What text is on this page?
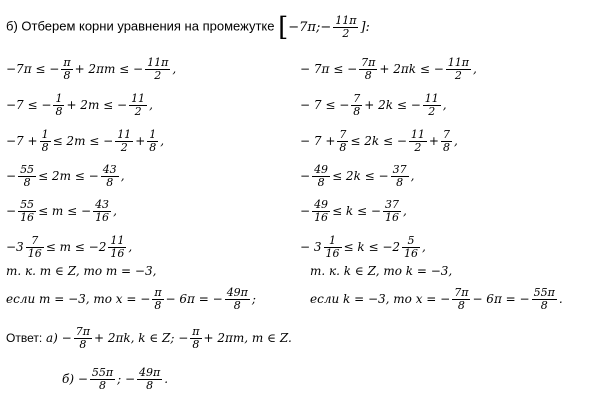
б) Отберем корни уравнения на промежутке [−7π;− $\frac{11\pi}{2}$ ]:
−7π ≤ − $\frac{\pi}{8} + 2\pi m$ ≤ − $\frac{11\pi}{2}$ ,
−7 ≤ − $\frac{1}{8} + 2m$ ≤ − $\frac{11}{2}$ ,
$-7 + \frac{1}{8} \le 2m$ ≤ − $\frac{11}{2} + \frac{1}{8}$ ,
− $\frac{55}{8} \le 2m$ ≤ − $\frac{43}{8}$ ,
− $\frac{55}{16} \le m$ ≤ − $\frac{43}{16}$ ,
$-3 \frac{7}{16} \le m \le -2 \frac{11}{16}$ ,
т. к. m ∈ Z, то m = −3,
если m = −3, то x = − $\frac{\pi}{8} - 6\pi$ = − $\frac{49\pi}{8}$ ;
− 7π ≤ − $\frac{7\pi}{8} + 2\pi k$ ≤ − $\frac{11\pi}{2}$ ,
− 7 ≤ − $\frac{7}{8} + 2k$ ≤ − $\frac{11}{2}$ ,
− $7 + \frac{7}{8} \le 2k$ ≤ − $\frac{11}{2} + \frac{7}{8}$ ,
− $\frac{49}{8} \le 2k$ ≤ − $\frac{37}{8}$ ,
− $\frac{49}{16} \le k$ ≤ − $\frac{37}{16}$ ,
− $3 \frac{1}{16} \le k \le -2 \frac{5}{16}$ ,
т. к. k ∈ Z, то k = −3,
если k = −3, то x = − $\frac{7\pi}{8} - 6\pi$ = − $\frac{55\pi}{8}$ .
Ответ: $а) - \frac{7\pi}{8} + 2\pi k$, k ∈ Z; − $\frac{\pi}{8} + 2\pi m$, m ∈ Z.
$б) - \frac{55\pi}{8}$ ; − $\frac{49\pi}{8}$ .
